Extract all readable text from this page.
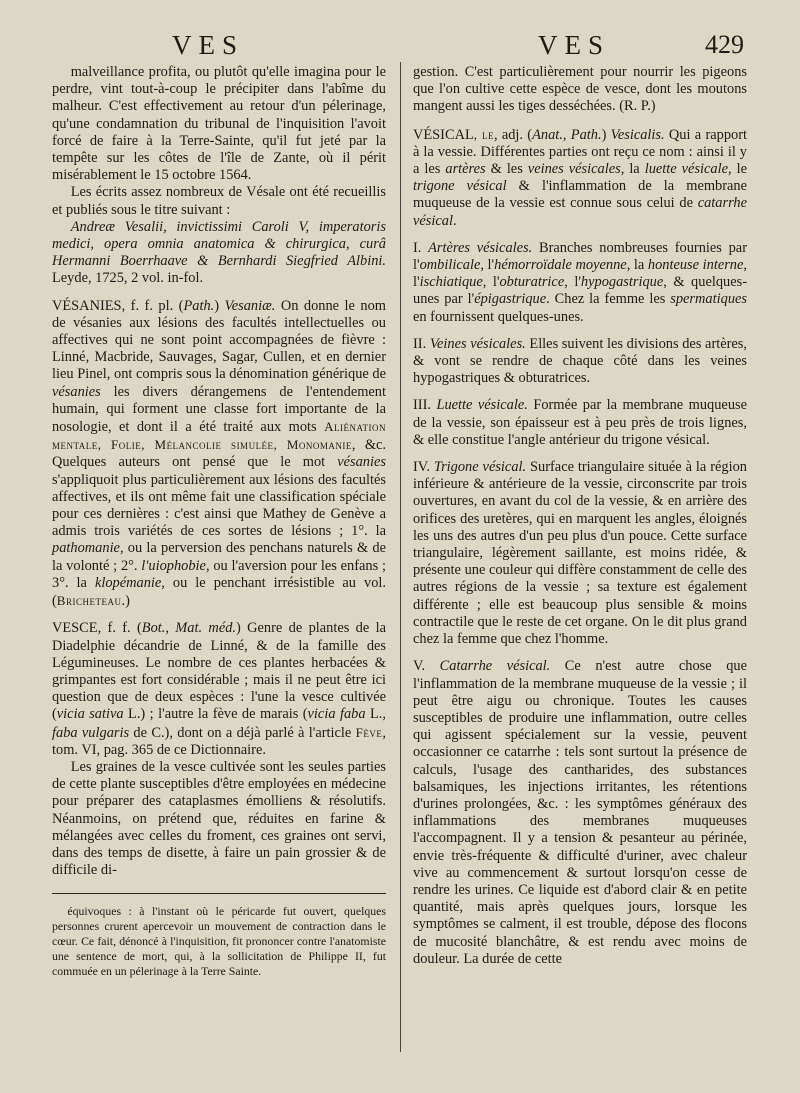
VES	VES	429

malveillance profita, ou plutôt qu'elle imagina pour le perdre, vint tout-à-coup le précipiter dans l'abîme du malheur. C'est effectivement au retour d'un pélerinage, qu'une condamnation du tribunal de l'inquisition l'avoit forcé de faire à la Terre-Sainte, qu'il fut jeté par la tempête sur les côtes de l'île de Zante, où il périt misérablement le 15 octobre 1564.

Les écrits assez nombreux de Vésale ont été recueillis et publiés sous le titre suivant :

Andreæ Vesalii, invictissimi Caroli V, imperatoris medici, opera omnia anatomica & chirurgica, curâ Hermanni Boerrhaave & Bernhardi Siegfried Albini. Leyde, 1725, 2 vol. in-fol.

VÉSANIES, f. f. pl. (Path.) Vesaniæ. On donne le nom de vésanies aux lésions des facultés intellectuelles ou affectives qui ne sont point accompagnées de fièvre : Linné, Macbride, Sauvages, Sagar, Cullen, et en dernier lieu Pinel, ont compris sous la dénomination générique de vésanies les divers dérangemens de l'entendement humain, qui forment une classe fort importante de la nosologie, et dont il a été traité aux mots Aliénation mentale, Folie, Mélancolie simulée, Monomanie, &c. Quelques auteurs ont pensé que le mot vésanies s'appliquoit plus particulièrement aux lésions des facultés affectives, et ils ont même fait une classification spéciale pour ces dernières : c'est ainsi que Mathey de Genève a admis trois variétés de ces sortes de lésions ; 1°. la pathomanie, ou la perversion des penchans naturels & de la volonté ; 2°. l'uiophobie, ou l'aversion pour les enfans ; 3°. la klopémanie, ou le penchant irrésistible au vol. (Bricheteau.)

VESCE, f. f. (Bot., Mat. méd.) Genre de plantes de la Diadelphie décandrie de Linné, & de la famille des Légumineuses. Le nombre de ces plantes herbacées & grimpantes est fort considérable ; mais il ne peut être ici question que de deux espèces : l'une la vesce cultivée (vicia sativa L.) ; l'autre la fève de marais (vicia faba L., faba vulgaris de C.), dont on a déjà parlé à l'article Fève, tom. VI, pag. 365 de ce Dictionnaire.

Les graines de la vesce cultivée sont les seules parties de cette plante susceptibles d'être employées en médecine pour préparer des cataplasmes émolliens & résolutifs. Néanmoins, on prétend que, réduites en farine & mélangées avec celles du froment, ces graines ont servi, dans des temps de disette, à faire un pain grossier & de difficile di-

équivoques : à l'instant où le péricarde fut ouvert, quelques personnes crurent apercevoir un mouvement de contraction dans le cœur. Ce fait, dénoncé à l'inquisition, fit prononcer contre l'anatomiste une sentence de mort, qui, à la sollicitation de Philippe II, fut commuée en un pélerinage à la Terre Sainte.

gestion. C'est particulièrement pour nourrir les pigeons que l'on cultive cette espèce de vesce, dont les moutons mangent aussi les tiges desséchées. (R. P.)

VÉSICAL, le, adj. (Anat., Path.) Vesicalis. Qui a rapport à la vessie. Différentes parties ont reçu ce nom : ainsi il y a les artères & les veines vésicales, la luette vésicale, le trigone vésical & l'inflammation de la membrane muqueuse de la vessie est connue sous celui de catarrhe vésical.

I. Artères vésicales. Branches nombreuses fournies par l'ombilicale, l'hémorroïdale moyenne, la honteuse interne, l'ischiatique, l'obturatrice, l'hypogastrique, & quelques-unes par l'épigastrique. Chez la femme les spermatiques en fournissent quelques-unes.

II. Veines vésicales. Elles suivent les divisions des artères, & vont se rendre de chaque côté dans les veines hypogastriques & obturatrices.

III. Luette vésicale. Formée par la membrane muqueuse de la vessie, son épaisseur est à peu près de trois lignes, & elle constitue l'angle antérieur du trigone vésical.

IV. Trigone vésical. Surface triangulaire située à la région inférieure & antérieure de la vessie, circonscrite par trois ouvertures, en avant du col de la vessie, & en arrière des orifices des uretères, qui en marquent les angles, éloignés les uns des autres d'un peu plus d'un pouce. Cette surface triangulaire, légèrement saillante, est moins ridée, & présente une couleur qui diffère constamment de celle des autres régions de la vessie ; sa texture est également différente ; elle est beaucoup plus sensible & moins contractile que le reste de cet organe. On le dit plus grand chez la femme que chez l'homme.

V. Catarrhe vésical. Ce n'est autre chose que l'inflammation de la membrane muqueuse de la vessie ; il peut être aigu ou chronique. Toutes les causes susceptibles de produire une inflammation, outre celles qui agissent spécialement sur la vessie, peuvent occasionner ce catarrhe : tels sont surtout la présence de calculs, l'usage des cantharides, des substances balsamiques, les injections irritantes, les rétentions d'urines prolongées, &c. : les symptômes généraux des inflammations des membranes muqueuses l'accompagnent. Il y a tension & pesanteur au périnée, envie très-fréquente & difficulté d'uriner, avec chaleur vive au commencement & surtout lorsqu'on cesse de rendre les urines. Ce liquide est d'abord clair & en petite quantité, mais après quelques jours, lorsque les symptômes se calment, il est trouble, dépose des flocons de mucosité blanchâtre, & est rendu avec moins de douleur. La durée de cette
